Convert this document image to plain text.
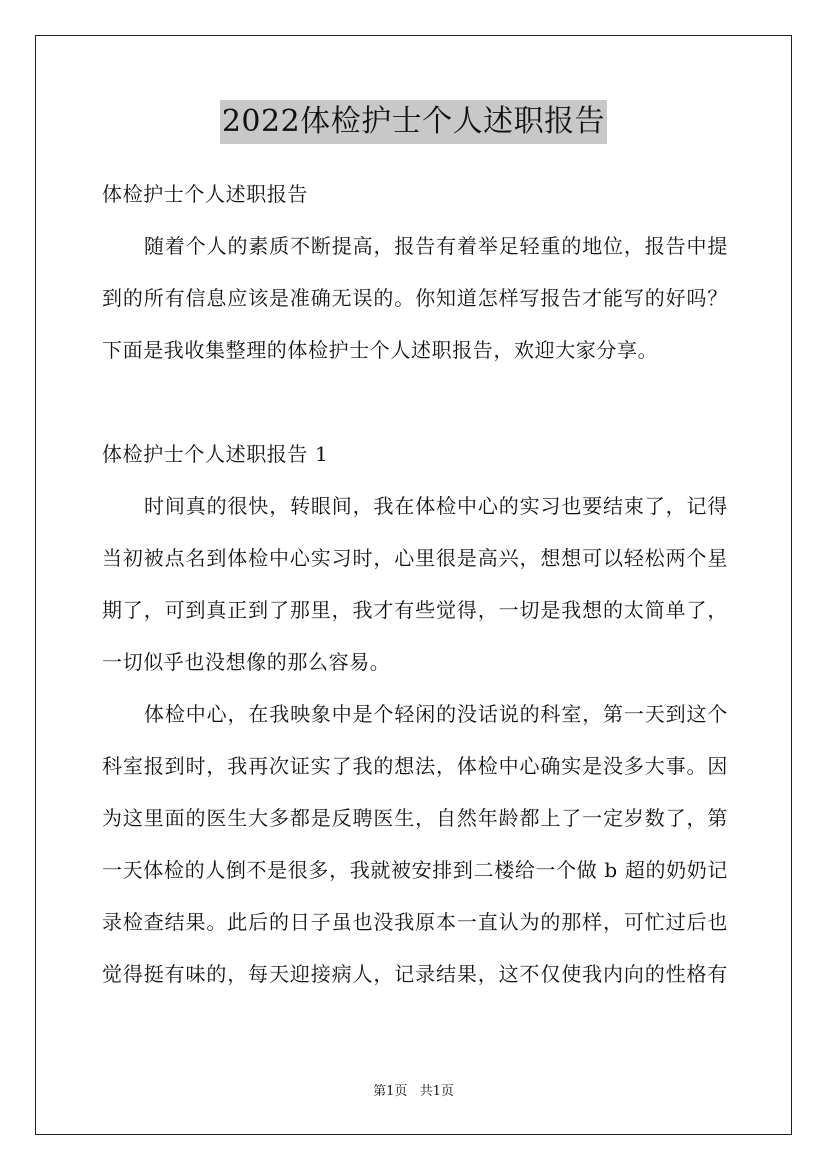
2022体检护士个人述职报告
体检护士个人述职报告
随着个人的素质不断提高，报告有着举足轻重的地位，报告中提
到的所有信息应该是准确无误的。你知道怎样写报告才能写的好吗？
下面是我收集整理的体检护士个人述职报告，欢迎大家分享。
体检护士个人述职报告 1
时间真的很快，转眼间，我在体检中心的实习也要结束了，记得
当初被点名到体检中心实习时，心里很是高兴，想想可以轻松两个星
期了，可到真正到了那里，我才有些觉得，一切是我想的太简单了，
一切似乎也没想像的那么容易。
体检中心，在我映象中是个轻闲的没话说的科室，第一天到这个
科室报到时，我再次证实了我的想法，体检中心确实是没多大事。因
为这里面的医生大多都是反聘医生，自然年龄都上了一定岁数了，第
一天体检的人倒不是很多，我就被安排到二楼给一个做 b 超的奶奶记
录检查结果。此后的日子虽也没我原本一直认为的那样，可忙过后也
觉得挺有味的，每天迎接病人，记录结果，这不仅使我内向的性格有
第1页 共1页
